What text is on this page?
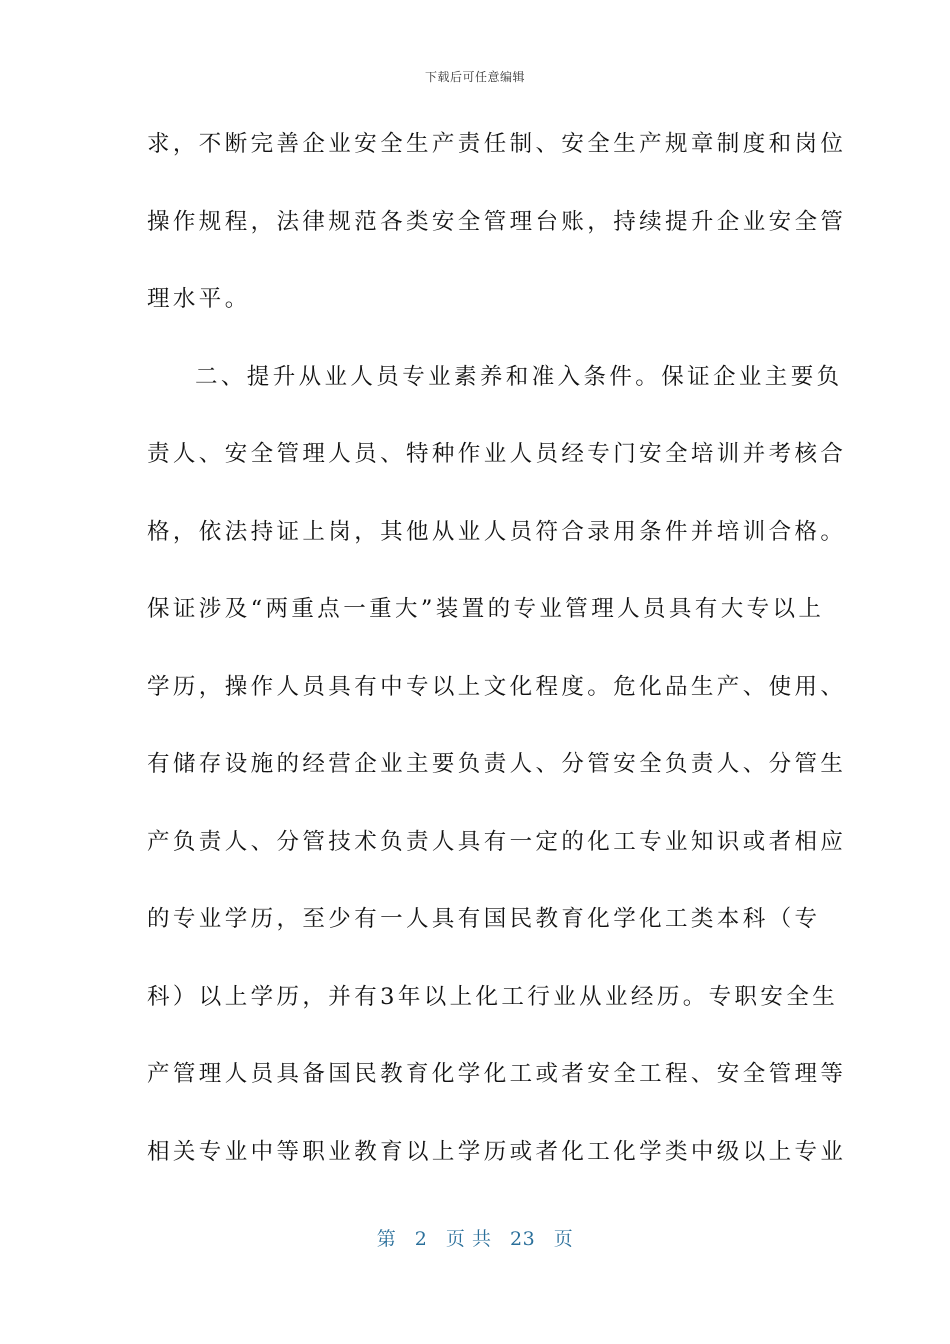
下载后可任意编辑
求，不断完善企业安全生产责任制、安全生产规章制度和岗位
操作规程，法律规范各类安全管理台账，持续提升企业安全管
理水平。
二、提升从业人员专业素养和准入条件。保证企业主要负
责人、安全管理人员、特种作业人员经专门安全培训并考核合
格，依法持证上岗，其他从业人员符合录用条件并培训合格。
保证涉及“两重点一重大”装置的专业管理人员具有大专以上
学历，操作人员具有中专以上文化程度。危化品生产、使用、
有储存设施的经营企业主要负责人、分管安全负责人、分管生
产负责人、分管技术负责人具有一定的化工专业知识或者相应
的专业学历，至少有一人具有国民教育化学化工类本科（专
科）以上学历，并有3年以上化工行业从业经历。专职安全生
产管理人员具备国民教育化学化工或者安全工程、安全管理等
相关专业中等职业教育以上学历或者化工化学类中级以上专业
第 2 页 共 23 页
